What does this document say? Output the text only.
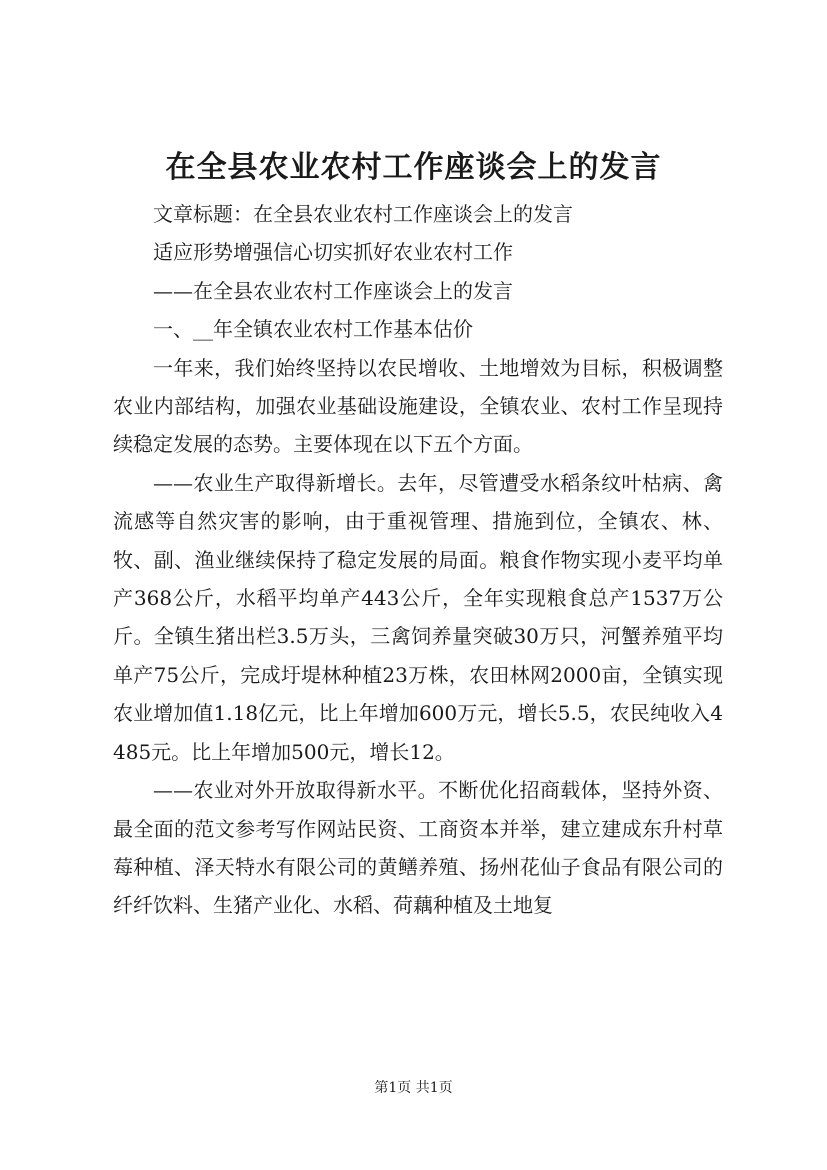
在全县农业农村工作座谈会上的发言

文章标题：在全县农业农村工作座谈会上的发言

适应形势增强信心切实抓好农业农村工作

——在全县农业农村工作座谈会上的发言

一、__年全镇农业农村工作基本估价

一年来，我们始终坚持以农民增收、土地增效为目标，积极调整农业内部结构，加强农业基础设施建设，全镇农业、农村工作呈现持续稳定发展的态势。主要体现在以下五个方面。

——农业生产取得新增长。去年，尽管遭受水稻条纹叶枯病、禽流感等自然灾害的影响，由于重视管理、措施到位，全镇农、林、牧、副、渔业继续保持了稳定发展的局面。粮食作物实现小麦平均单产368公斤，水稻平均单产443公斤，全年实现粮食总产1537万公斤。全镇生猪出栏3.5万头，三禽饲养量突破30万只，河蟹养殖平均单产75公斤，完成圩堤林种植23万株，农田林网2000亩，全镇实现农业增加值1.18亿元，比上年增加600万元，增长5.5，农民纯收入4485元。比上年增加500元，增长12。

——农业对外开放取得新水平。不断优化招商载体，坚持外资、最全面的范文参考写作网站民资、工商资本并举，建立建成东升村草莓种植、泽天特水有限公司的黄鳝养殖、扬州花仙子食品有限公司的纤纤饮料、生猪产业化、水稻、荷藕种植及土地复

第1页 共1页
